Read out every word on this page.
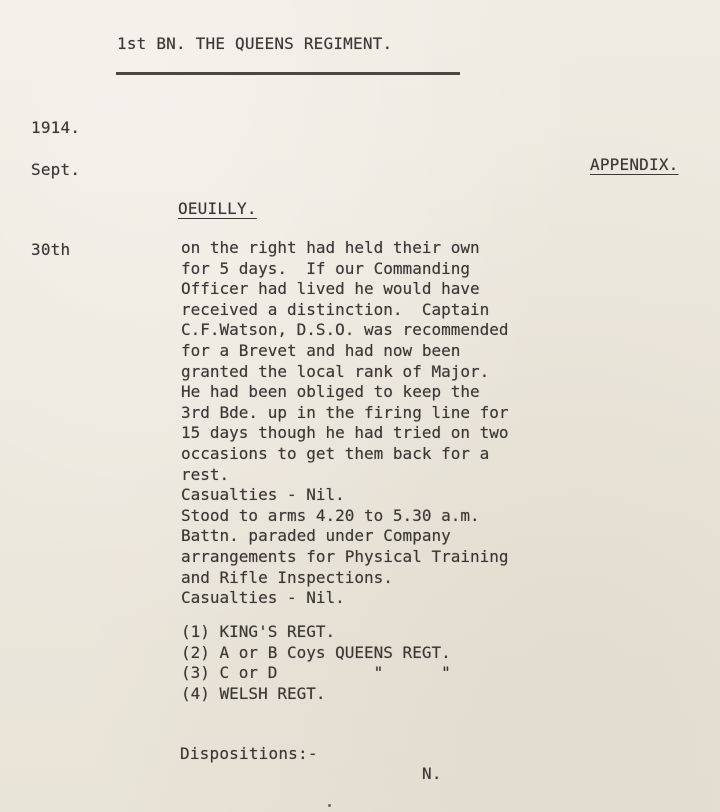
1st BN. THE QUEENS REGIMENT.
1914.
Sept.	APPENDIX.
OEUILLY.
30th	on the right had held their own
for 5 days.  If our Commanding
Officer had lived he would have
received a distinction.  Captain
C.F.Watson, D.S.O. was recommended
for a Brevet and had now been
granted the local rank of Major.
He had been obliged to keep the
3rd Bde. up in the firing line for
15 days though he had tried on two
occasions to get them back for a
rest.
Casualties - Nil.
Stood to arms 4.20 to 5.30 a.m.
Battn. paraded under Company
arrangements for Physical Training
and Rifle Inspections.
Casualties - Nil.
(1) KING'S REGT.
(2) A or B Coys QUEENS REGT.
(3) C or D          "      "
(4) WELSH REGT.
Dispositions:-
N.
